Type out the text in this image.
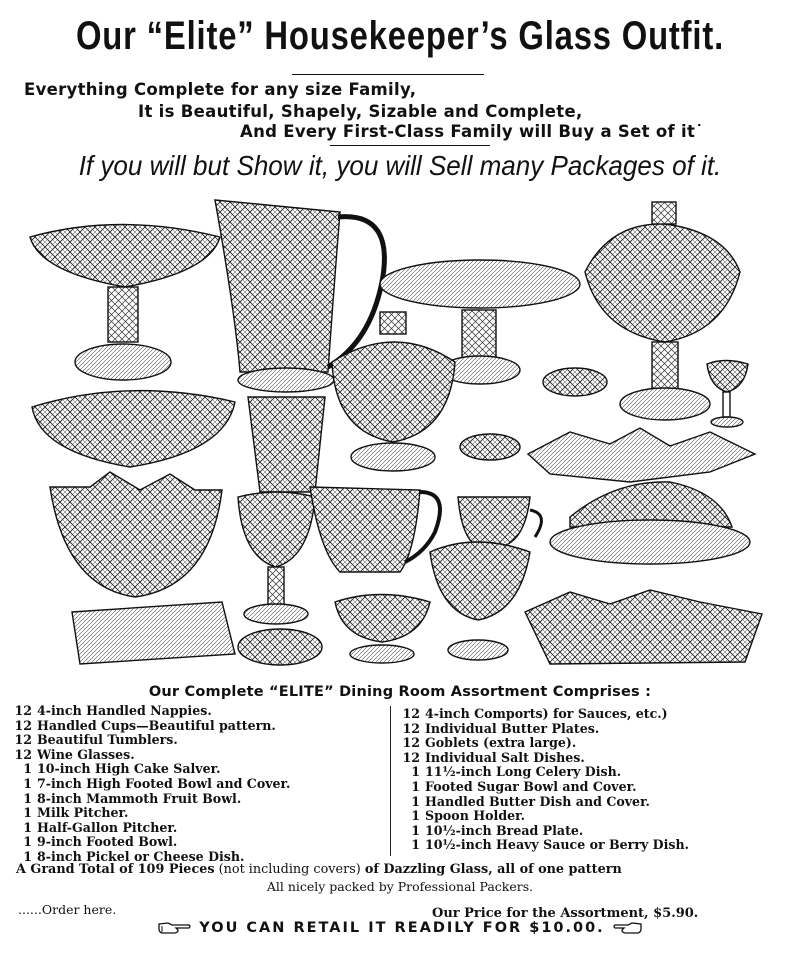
Our “Elite” Housekeeper’s Glass Outfit.
Everything Complete for any size Family,
It is Beautiful, Shapely, Sizable and Complete,
And Every First-Class Family will Buy a Set of it˙
If you will but Show it, you will Sell many Packages of it.
Our Complete “ELITE” Dining Room Assortment Comprises :
12 4-inch Handled Nappies.
12 Handled Cups—Beautiful pattern.
12 Beautiful Tumblers.
12 Wine Glasses.
1 10-inch High Cake Salver.
1 7-inch High Footed Bowl and Cover.
1 8-inch Mammoth Fruit Bowl.
1 Milk Pitcher.
1 Half-Gallon Pitcher.
1 9-inch Footed Bowl.
1 8-inch Pickel or Cheese Dish.
12 4-inch Comports) for Sauces, etc.)
12 Individual Butter Plates.
12 Goblets (extra large).
12 Individual Salt Dishes.
1 11½-inch Long Celery Dish.
1 Footed Sugar Bowl and Cover.
1 Handled Butter Dish and Cover.
1 Spoon Holder.
1 10½-inch Bread Plate.
1 10½-inch Heavy Sauce or Berry Dish.
A Grand Total of 109 Pieces (not including covers) of Dazzling Glass, all of one pattern
All nicely packed by Professional Packers.
......Order here.	Our Price for the Assortment, $5.90.
YOU CAN RETAIL IT READILY FOR $10.00.
